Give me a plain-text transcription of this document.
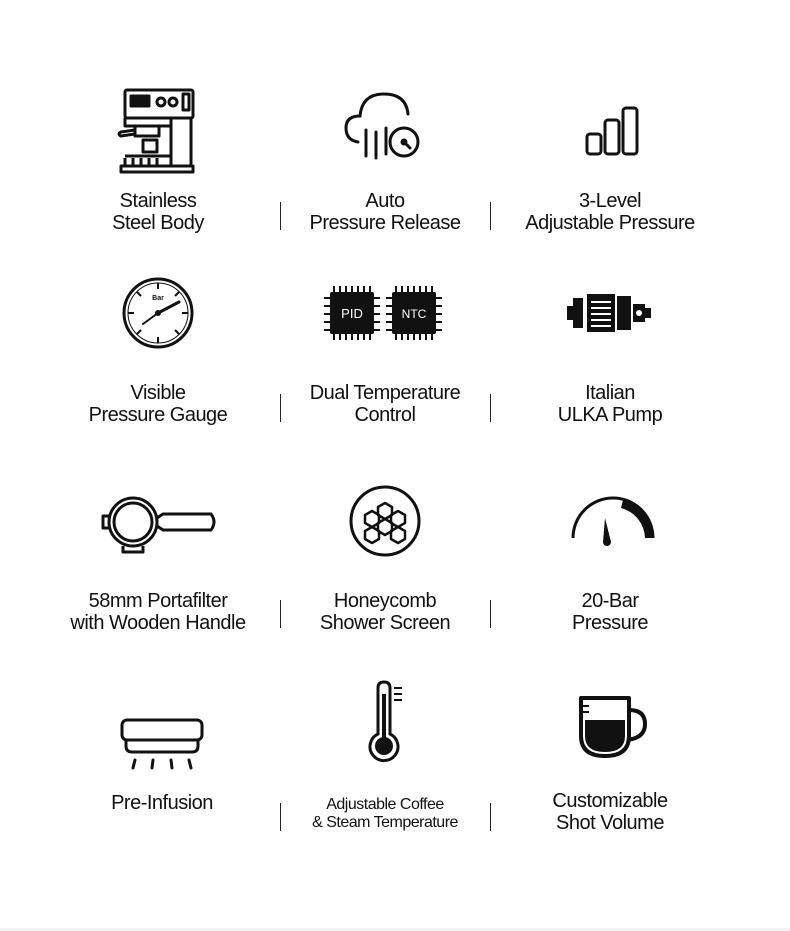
Stainless
Steel Body
Auto
Pressure Release
3-Level
Adjustable Pressure
Bar
Visible
Pressure Gauge
PID	NTC
Dual Temperature
Control
Italian
ULKA Pump
58mm Portafilter
with Wooden Handle
Honeycomb
Shower Screen
20-Bar
Pressure
Pre-Infusion	Adjustable Coffee
& Steam Temperature
Customizable
Shot Volume
